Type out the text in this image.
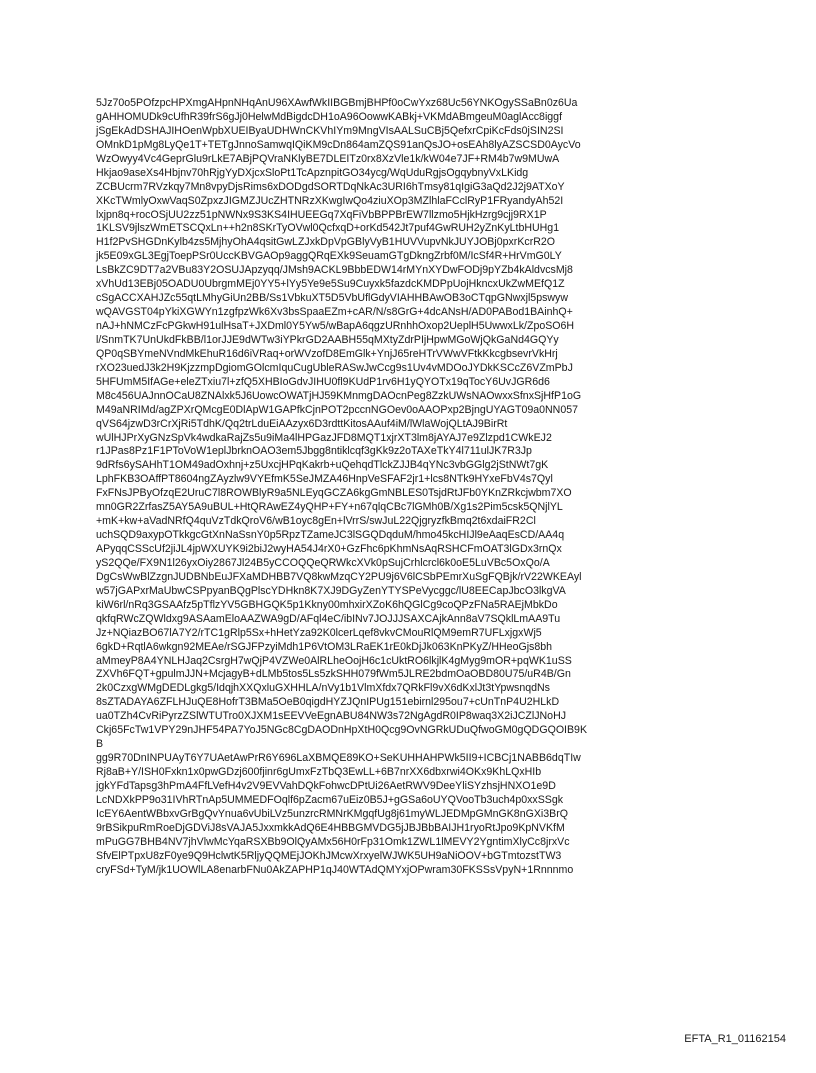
5Jz70o5POfzpcHPXmgAHpnNHqAnU96XAwfWkIIBGBmjBHPf0oCwYxz68Uc56YNKOgySSaBn0z6Ua
gAHHOMUDk9cUfhR39frS6gJj0HelwMdBigdcDH1oA96OowwKABkj+VKMdABmgeuM0aglAcc8iggf
jSgEkAdDSHAJIHOenWpbXUEIByaUDHWnCKVhIYm9MngVIsAALSuCBj5QefxrCpiKcFds0jSIN2SI
OMnkD1pMg8LyQe1T+TETgJnnoSamwqIQiKM9cDn864amZQS91anQsJO+osEAh8lyAZSCSD0AycVo
WzOwyy4Vc4GeprGlu9rLkE7ABjPQVraNKlyBE7DLEITz0rx8XzVle1k/kW04e7JF+RM4b7w9MUwA
Hkjao9aseXs4Hbjnv70hRjgYyDXjcxSloPt1TcApznpitGO34ycg/WqUduRgjsOgqybnyVxLKidg
ZCBUcrm7RVzkqy7Mn8vpyDjsRims6xDODgdSORTDqNkAc3URI6hTmsy81qIgiG3aQd2J2j9ATXoY
XKcTWmlyOxwVaqS0ZpxzJIGMZJUcZHTNRzXKwgIwQo4ziuXOp3MZlhlaFCclRyP1FRyandyAh52I
lxjpn8q+rocOSjUU2zz51pNWNx9S3KS4IHUEEGq7XqFiVbBPPBrEW7llzmo5HjkHzrg9cjj9RX1P
1KLSV9jlszWmETSCQxLn++h2n8SKrTyOVwl0QcfxqD+orKd542Jt7puf4GwRUH2yZnKyLtbHUHg1
H1f2PvSHGDnKylb4zs5MjhyOhA4qsitGwLZJxkDpVpGBlyVyB1HUVVupvNkJUYJOBj0pxrKcrR2O
jk5E09xGL3EgjToepPSr0UccKBVGAOp9aggQRqEXk9SeuamGTgDkngZrbf0M/IcSf4R+HrVmG0LY
LsBkZC9DT7a2VBu83Y2OSUJApzyqq/JMsh9ACKL9BbbEDW14rMYnXYDwFODj9pYZb4kAldvcsMj8
xVhUd13EBj05OADU0UbrgmMEj0YY5+lYy5Ye9e5Su9Cuyxk5fazdcKMDPpUojHkncxUkZwMEfQ1Z
cSgACCXAHJZc55qtLMhyGiUn2BB/Ss1VbkuXT5D5VbUflGdyVIAHHBAwOB3oCTqpGNwxjl5pswyw
wQAVGST04pYkiXGWYn1zgfpzWk6Xv3bsSpaaEZm+cAR/N/s8GrG+4dcANsH/AD0PABod1BAinhQ+
nAJ+hNMCzFcPGkwH91ulHsaT+JXDml0Y5Yw5/wBapA6qgzURnhhOxop2UeplH5UwwxLk/ZpoSO6H
l/SnmTK7UnUkdFkBB/l1orJJE9dWTw3iYPkrGD2AABH55qMXtyZdrPIjHpwMGoWjQkGaNd4GQYy
QP0qSBYmeNVndMkEhuR16d6iVRaq+orWVzofD8EmGlk+YnjJ65reHTrVWwVFtkKkcgbsevrVkHrj
rXO23uedJ3k2H9KjzzmpDgiomGOlcmIquCugUbleRASwJwCcg9s1Uv4vMDOoJYDkKSCcZ6VZmPbJ
5HFUmM5IfAGe+eleZTxiu7l+zfQ5XHBIoGdvJIHU0fl9KUdP1rv6H1yQYOTx19qTocY6UvJGR6d6
M8c456UAJnnOCaU8ZNAlxk5J6UowcOWATjHJ59KMnmgDAOcnPeg8ZzkUWsNAOwxxSfnxSjHfP1oG
M49aNRIMd/agZPXrQMcgE0DlApW1GAPfkCjnPOT2pccnNGOev0oAAOPxp2BjngUYAGT09a0NN057
qVS64jzwD3rCrXjRi5TdhK/Qq2trLduEiAAzyx6D3rdttKitosAAuf4iM/lWlaWojQLtAJ9BirRt
wUlHJPrXyGNzSpVk4wdkaRajZs5u9iMa4lHPGazJFD8MQT1xjrXT3lm8jAYAJ7e9Zlzpd1CWkEJ2
r1JPas8Pz1F1PToVoW1eplJbrknOAO3em5Jbgg8ntiklcqf3gKk9z2oTAXeTkY4l711ulJK7R3Jp
9dRfs6ySAHhT1OM49adOxhnj+z5UxcjHPqKakrb+uQehqdTlckZJJB4qYNc3vbGGlg2jStNWt7gK
LphFKB3OAffPT8604ngZAyzlw9VYEfmK5SeJMZA46HnpVeSFAF2jr1+lcs8NTk9HYxeFbV4s7Qyl
FxFNsJPByOfzqE2UruC7l8ROWBlyR9a5NLEyqGCZA6kgGmNBLES0TsjdRtJFb0YKnZRkcjwbm7XO
mn0GR2ZrfasZ5AY5A9uBUL+HtQRAwEZ4yQHP+FY+n67qlqCBc7lGMh0B/Xg1s2Pim5csk5QNjlYL
+mK+kw+aVadNRfQ4quVzTdkQroV6/wB1oyc8gEn+lVrrS/swJuL22QjgryzfkBmq2t6xdaiFR2Cl
uchSQD9axypOTkkgcGtXnNaSsnY0p5RpzTZameJC3lSGQDqduM/hmo45kcHIJl9eAaqEsCD/AA4q
APyqqCSScUf2jiJL4jpWXUYK9i2biJ2wyHA54J4rX0+GzFhc6pKhmNsAqRSHCFmOAT3lGDx3rnQx
yS2QQe/FX9N1l26yxOiy2867Jl24B5yCCOQQeQRWkcXVk0pSujCrhlcrcl6k0oE5LuVBc5OxQo/A
DgCsWwBlZzgnJUDBNbEuJFXaMDHBB7VQ8kwMzqCY2PU9j6V6lCSbPEmrXuSgFQBjk/rV22WKEAyl
w57jGAPxrMaUbwCSPpyanBQgPlscYDHkn8K7XJ9DGyZenYTYSPeVycggc/lU8EECapJbcO3lkgVA
kiW6rl/nRq3GSAAfz5pTflzYV5GBHGQK5p1Kkny00mhxirXZoK6hQGlCg9coQPzFNa5RAEjMbkDo
qkfqRWcZQWldxg9ASAamEloAAZWA9gD/AFql4eC/ibINv7JOJJJSAXCAjkAnn8aV7SQklLmAA9Tu
Jz+NQiazBO67lA7Y2/rTC1gRlp5Sx+hHetYza92K0lcerLqef8vkvCMouRlQM9emR7UFLxjgxWj5
6gkD+RqtlA6wkgn92MEAe/rSGJFPzyiMdh1P6VtOM3LRaEK1rE0kDjJk063KnPKyZ/HHeoGjs8bh
aMmeyP8A4YNLHJaq2CsrgH7wQjP4VZWe0AlRLheOojH6c1cUktRO6lkjlK4gMyg9mOR+pqWK1uSS
ZXVh6FQT+gpulmJJN+McjagyB+dLMb5tos5Ls5zkSHH079fWm5JLRE2bdmOaOBD80U75/uR4B/Gn
2k0CzxgWMgDEDLgkg5/IdqjhXXQxluGXHHLA/nVy1b1VlmXfdx7QRkFl9vX6dKxlJt3tYpwsnqdNs
8sZTADAYA6ZFLHJuQE8HofrT3BMa5OeB0qigdHYZJQnIPUg151ebirnl295ou7+cUnTnP4U2HLkD
ua0TZh4CvRiPyrzZSlWTUTro0XJXM1sEEVVeEgnABU84NW3s72NgAgdR0IP8waq3X2iJCZlJNoHJ
Ckj65FcTw1VPY29nJHF54PA7YoJ5NGc8CgDAODnHpXtH0Qcg9OvNGRkUDuQfwoGM0gQDGQOIB9K
B
gg9R70DnINPUAyT6Y7UAetAwPrR6Y696LaXBMQE89KO+SeKUHHAHPWk5II9+ICBCj1NABB6dqTIw
Rj8aB+Y/ISH0Fxkn1x0pwGDzj600fjinr6gUmxFzTbQ3EwLL+6B7nrXX6dbxrwi4OKx9KhLQxHIb
jgkYFdTapsg3hPmA4FfLVefH4v2V9EVVahDQkFohwcDPtUi26AetRWV9DeeYliSYzhsjHNXO1e9D
LcNDXkPP9o31IVhRTnAp5UMMEDFOqlf6pZacm67uEiz0B5J+gGSa6oUYQVooTb3uch4p0xxSSgk
IcEY6AentWBbxvGrBgQvYnua6vUbiLVz5unzrcRMNrKMgqfUg8j61myWLJEDMpGMnGK8nGXi3BrQ
9rBSikpuRmRoeDjGDViJ8sVAJA5JxxmkkAdQ6E4HBBGMVDG5jJBJBbBAIJH1ryoRtJpo9KpNVKfM
mPuGG7BHB4NV7jhVlwMcYqaRSXBb9OlQyAMx56H0rFp31Omk1ZWL1lMEVY2YgntimXlyCc8jrxVc
SfvElPTpxU8zF0ye9Q9HclwtK5RljyQQMEjJOKhJMcwXrxyelWJWK5UH9aNiOOV+bGTmtozstTW3
cryFSd+TyM/jk1UOWlLA8enarbFNu0AkZAPHP1qJ40WTAdQMYxjOPwram30FKSSsVpyN+1Rnnnmo
EFTA_R1_01162154
